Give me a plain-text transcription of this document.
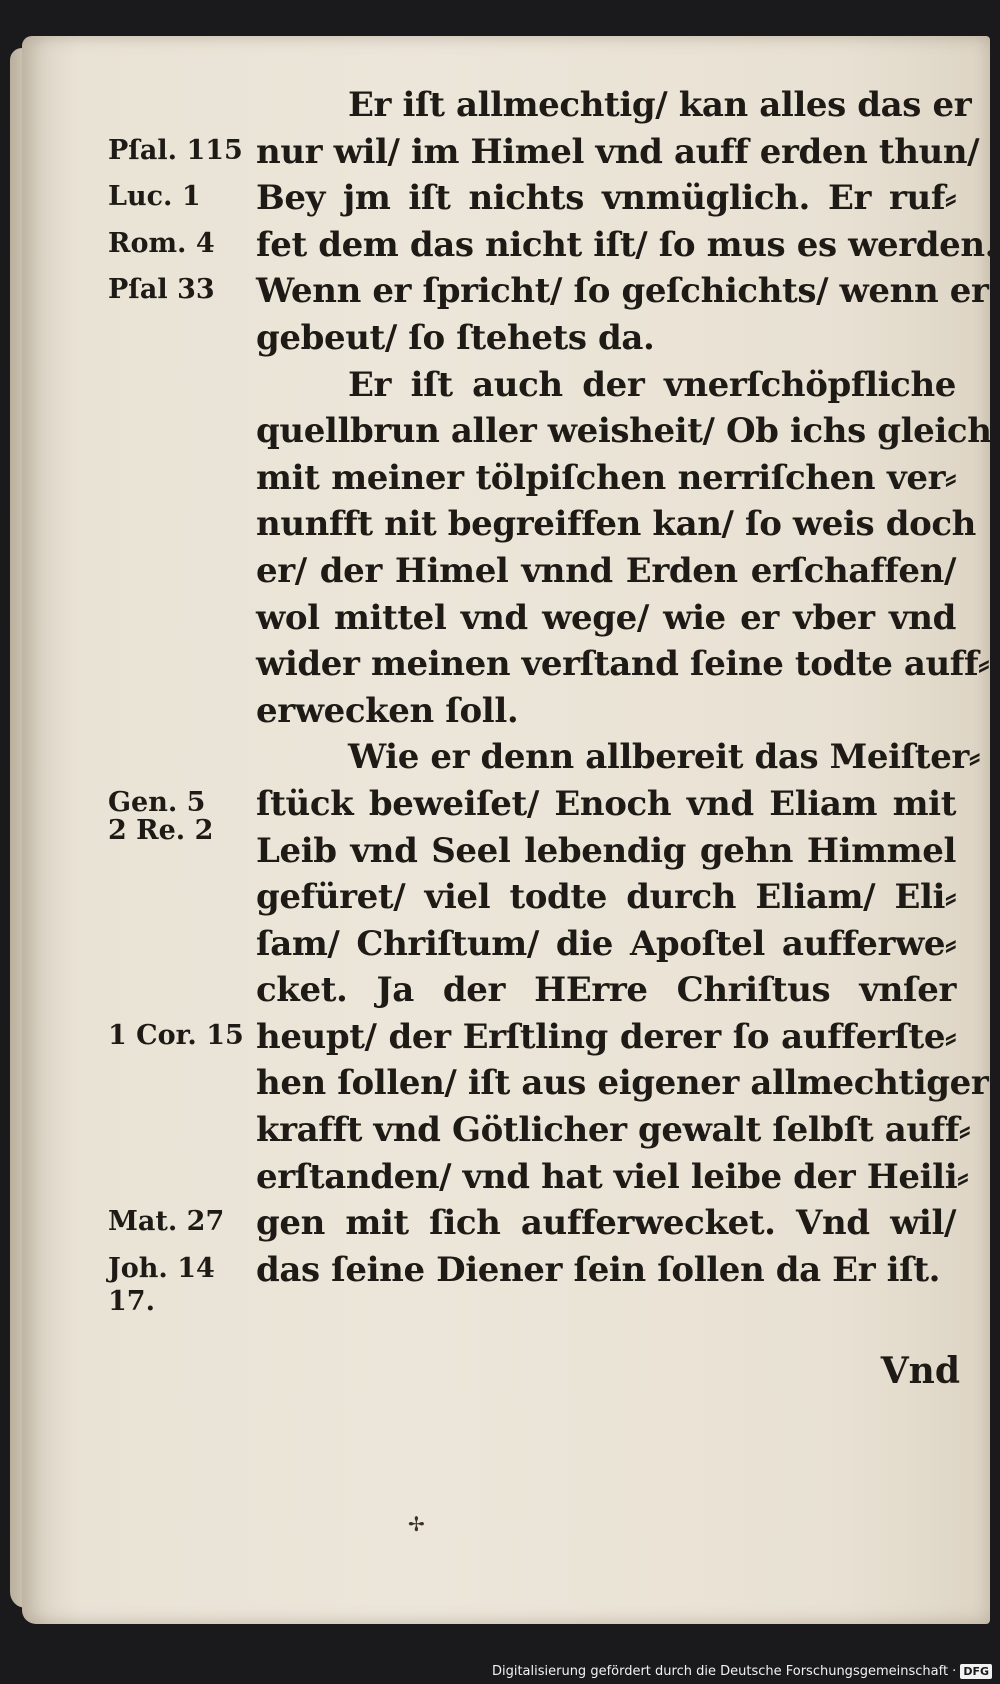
Pſal. 115
Luc. 1
Rom. 4
Pſal 33
Gen. 5
2 Re. 2
1 Cor. 15
Mat. 27
Joh. 14
17.
Er iſt allmechtig/ kan alles das er
nur wil/ im Himel vnd auff erden thun/
Bey jm iſt nichts vnmüglich. Er ruf⸗
fet dem das nicht iſt/ ſo mus es werden.
Wenn er ſpricht/ ſo geſchichts/ wenn er
gebeut/ ſo ſtehets da.
Er iſt auch der vnerſchöpfliche
quellbrun aller weisheit/ Ob ichs gleich
mit meiner tölpiſchen nerriſchen ver⸗
nunfft nit begreiffen kan/ ſo weis doch
er/ der Himel vnnd Erden erſchaffen/
wol mittel vnd wege/ wie er vber vnd
wider meinen verſtand ſeine todte auff⸗
erwecken ſoll.
Wie er denn allbereit das Meiſter⸗
ſtück beweiſet/ Enoch vnd Eliam mit
Leib vnd Seel lebendig gehn Himmel
gefüret/ viel todte durch Eliam/ Eli⸗
ſam/ Chriſtum/ die Apoſtel aufferwe⸗
cket. Ja der HErre Chriſtus vnſer
heupt/ der Erſtling derer ſo aufferſte⸗
hen ſollen/ iſt aus eigener allmechtiger
krafft vnd Götlicher gewalt ſelbſt auff⸗
erſtanden/ vnd hat viel leibe der Heili⸗
gen mit ſich aufferwecket. Vnd wil/
das ſeine Diener ſein ſollen da Er iſt.
Vnd
✢
Digitalisierung gefördert durch die Deutsche Forschungsgemeinschaft · DFG
